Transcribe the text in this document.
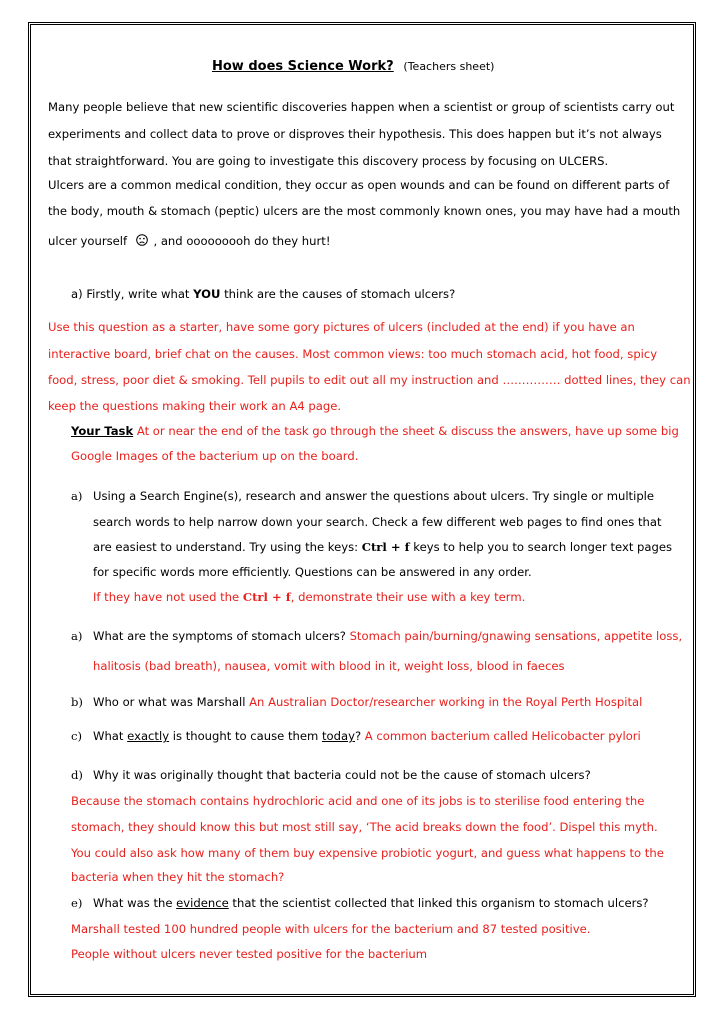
How does Science Work? (Teachers sheet)
Many people believe that new scientific discoveries happen when a scientist or group of scientists carry out
experiments and collect data to prove or disproves their hypothesis. This does happen but it’s not always
that straightforward. You are going to investigate this discovery process by focusing on ULCERS.
Ulcers are a common medical condition, they occur as open wounds and can be found on different parts of
the body, mouth & stomach (peptic) ulcers are the most commonly known ones, you may have had a mouth
ulcer yourself , and ooooooooh do they hurt!
a) Firstly, write what YOU think are the causes of stomach ulcers?
Use this question as a starter, have some gory pictures of ulcers (included at the end) if you have an
interactive board, brief chat on the causes. Most common views: too much stomach acid, hot food, spicy
food, stress, poor diet & smoking. Tell pupils to edit out all my instruction and …………… dotted lines, they can
keep the questions making their work an A4 page.
Your Task At or near the end of the task go through the sheet & discuss the answers, have up some big
Google Images of the bacterium up on the board.
a) Using a Search Engine(s), research and answer the questions about ulcers. Try single or multiple
search words to help narrow down your search. Check a few different web pages to find ones that
are easiest to understand. Try using the keys: Ctrl + f keys to help you to search longer text pages
for specific words more efficiently. Questions can be answered in any order.
If they have not used the Ctrl + f, demonstrate their use with a key term.
a) What are the symptoms of stomach ulcers? Stomach pain/burning/gnawing sensations, appetite loss,
halitosis (bad breath), nausea, vomit with blood in it, weight loss, blood in faeces
b) Who or what was Marshall An Australian Doctor/researcher working in the Royal Perth Hospital
c) What exactly is thought to cause them today? A common bacterium called Helicobacter pylori
d) Why it was originally thought that bacteria could not be the cause of stomach ulcers?
Because the stomach contains hydrochloric acid and one of its jobs is to sterilise food entering the
stomach, they should know this but most still say, ‘The acid breaks down the food’. Dispel this myth.
You could also ask how many of them buy expensive probiotic yogurt, and guess what happens to the
bacteria when they hit the stomach?
e) What was the evidence that the scientist collected that linked this organism to stomach ulcers?
Marshall tested 100 hundred people with ulcers for the bacterium and 87 tested positive.
People without ulcers never tested positive for the bacterium
